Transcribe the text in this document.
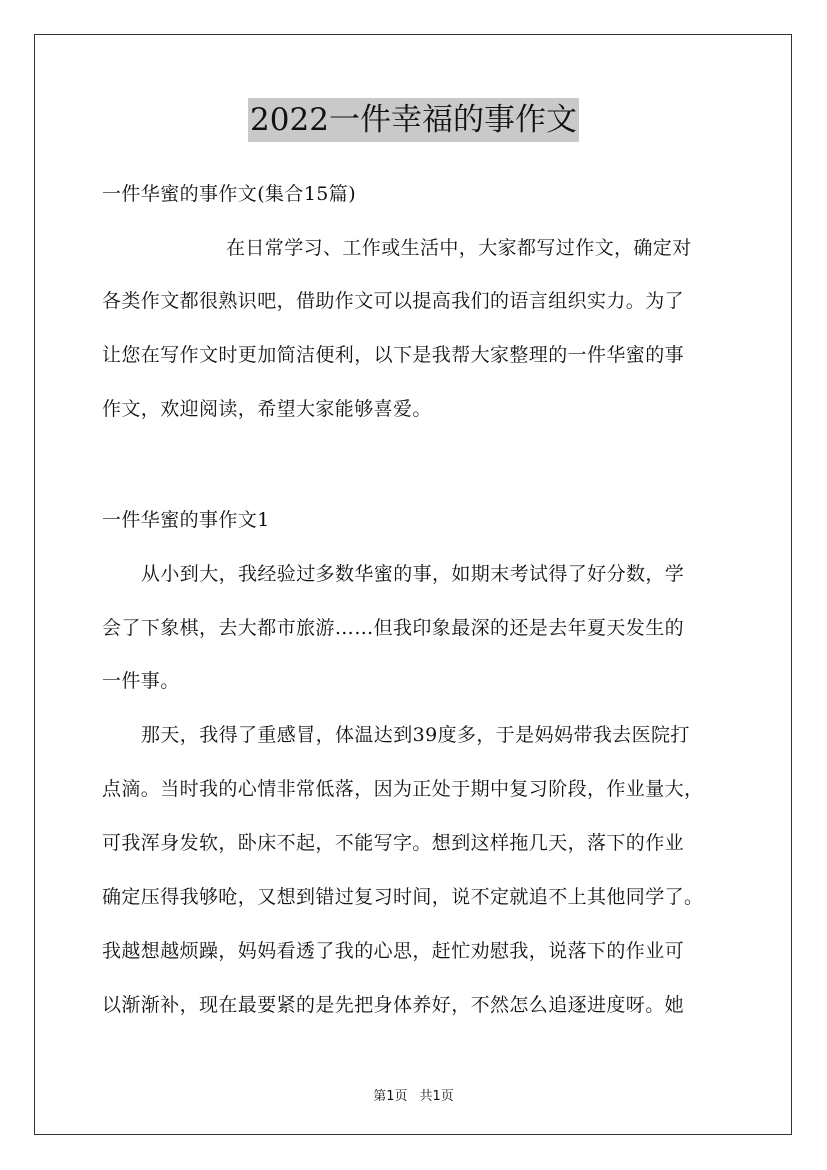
2022一件幸福的事作文
一件华蜜的事作文(集合15篇)
在日常学习、工作或生活中，大家都写过作文，确定对
各类作文都很熟识吧，借助作文可以提高我们的语言组织实力。为了
让您在写作文时更加简洁便利，以下是我帮大家整理的一件华蜜的事
作文，欢迎阅读，希望大家能够喜爱。
一件华蜜的事作文1
从小到大，我经验过多数华蜜的事，如期末考试得了好分数，学
会了下象棋，去大都市旅游……但我印象最深的还是去年夏天发生的
一件事。
那天，我得了重感冒，体温达到39度多，于是妈妈带我去医院打
点滴。当时我的心情非常低落，因为正处于期中复习阶段，作业量大，
可我浑身发软，卧床不起，不能写字。想到这样拖几天，落下的作业
确定压得我够呛，又想到错过复习时间，说不定就追不上其他同学了。
我越想越烦躁，妈妈看透了我的心思，赶忙劝慰我，说落下的作业可
以渐渐补，现在最要紧的是先把身体养好，不然怎么追逐进度呀。她
第1页 共1页
